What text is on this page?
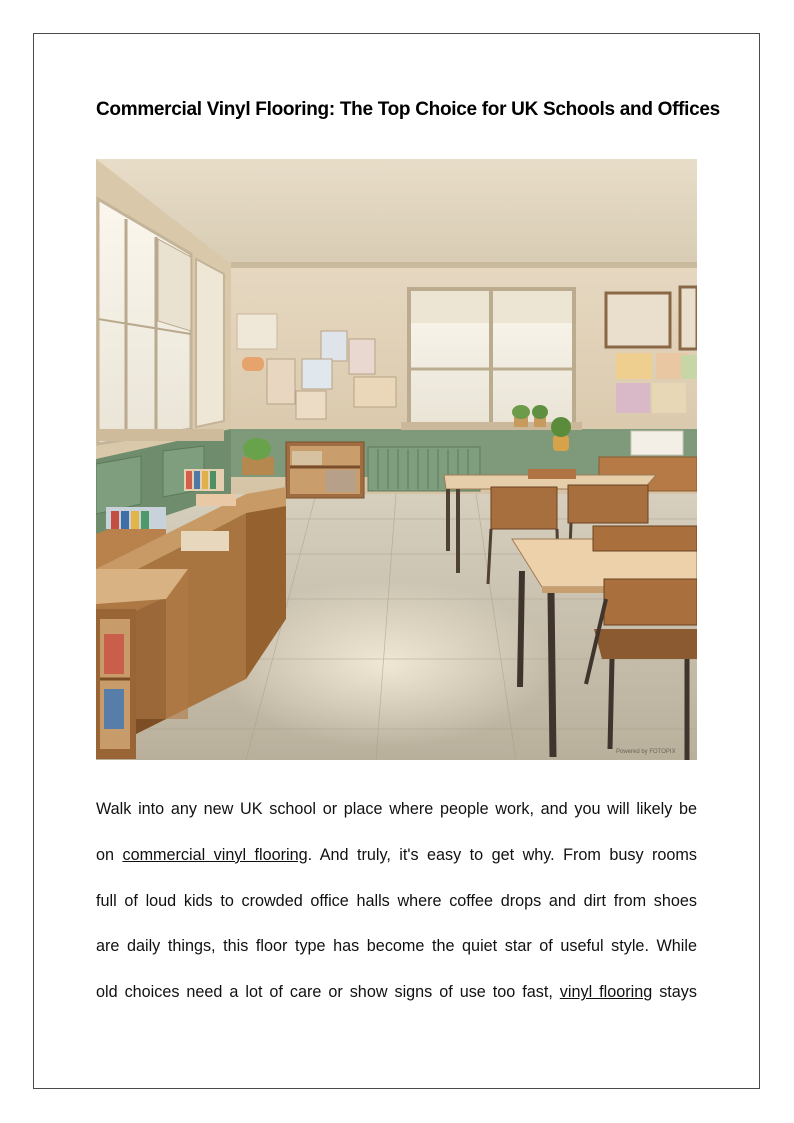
Commercial Vinyl Flooring: The Top Choice for UK Schools and Offices
Powered by FOTOPIX
Walk into any new UK school or place where people work, and you will likely be
on commercial vinyl flooring. And truly, it's easy to get why. From busy rooms
full of loud kids to crowded office halls where coffee drops and dirt from shoes
are daily things, this floor type has become the quiet star of useful style. While
old choices need a lot of care or show signs of use too fast, vinyl flooring stays
